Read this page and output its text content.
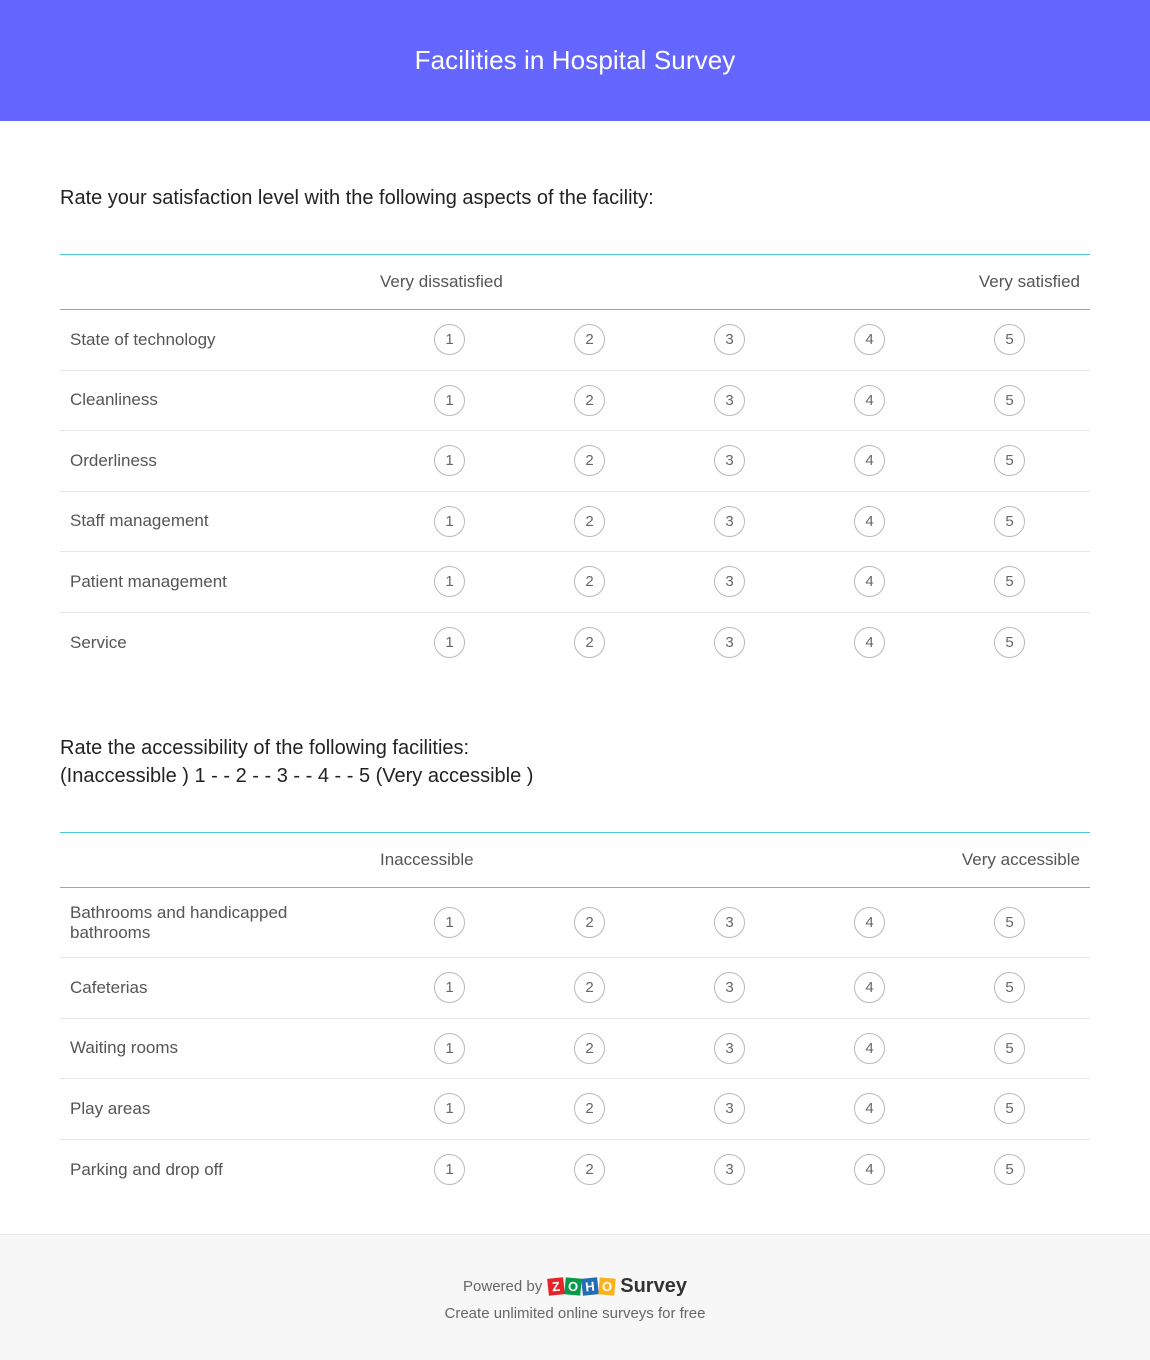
Facilities in Hospital Survey
Rate your satisfaction level with the following aspects of the facility:
Very dissatisfied	Very satisfied
State of technology	1	2	3	4	5
Cleanliness	1	2	3	4	5
Orderliness	1	2	3	4	5
Staff management	1	2	3	4	5
Patient management	1	2	3	4	5
Service	1	2	3	4	5
Rate the accessibility of the following facilities:
(Inaccessible ) 1 - - 2 - - 3 - - 4 - - 5 (Very accessible )
Inaccessible	Very accessible
Bathrooms and handicapped bathrooms	1	2	3	4	5
Cafeterias	1	2	3	4	5
Waiting rooms	1	2	3	4	5
Play areas	1	2	3	4	5
Parking and drop off	1	2	3	4	5
Powered by Z O H O Survey
Create unlimited online surveys for free
